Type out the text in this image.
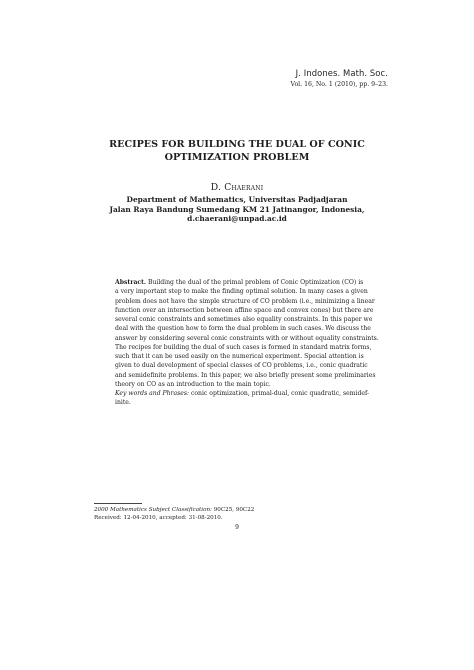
J. Indones. Math. Soc.
Vol. 16, No. 1 (2010), pp. 9–23.
RECIPES FOR BUILDING THE DUAL OF CONIC
OPTIMIZATION PROBLEM
D. Chaerani
Department of Mathematics, Universitas Padjadjaran
Jalan Raya Bandung Sumedang KM 21 Jatinangor, Indonesia,
d.chaerani@unpad.ac.id

Abstract. Building the dual of the primal problem of Conic Optimization (CO) is
a very important step to make the finding optimal solution. In many cases a given
problem does not have the simple structure of CO problem (i.e., minimizing a linear
function over an intersection between affine space and convex cones) but there are
several conic constraints and sometimes also equality constraints. In this paper we
deal with the question how to form the dual problem in such cases. We discuss the
answer by considering several conic constraints with or without equality constraints.
The recipes for building the dual of such cases is formed in standard matrix forms,
such that it can be used easily on the numerical experiment. Special attention is
given to dual development of special classes of CO problems, i.e., conic quadratic
and semidefinite problems. In this paper, we also briefly present some preliminaries
theory on CO as an introduction to the main topic.

Key words and Phrases: conic optimization, primal-dual, conic quadratic, semidef-
inite.

2000 Mathematics Subject Classification: 90C25, 90C22
Received: 12-04-2010, accepted: 31-08-2010.
9
